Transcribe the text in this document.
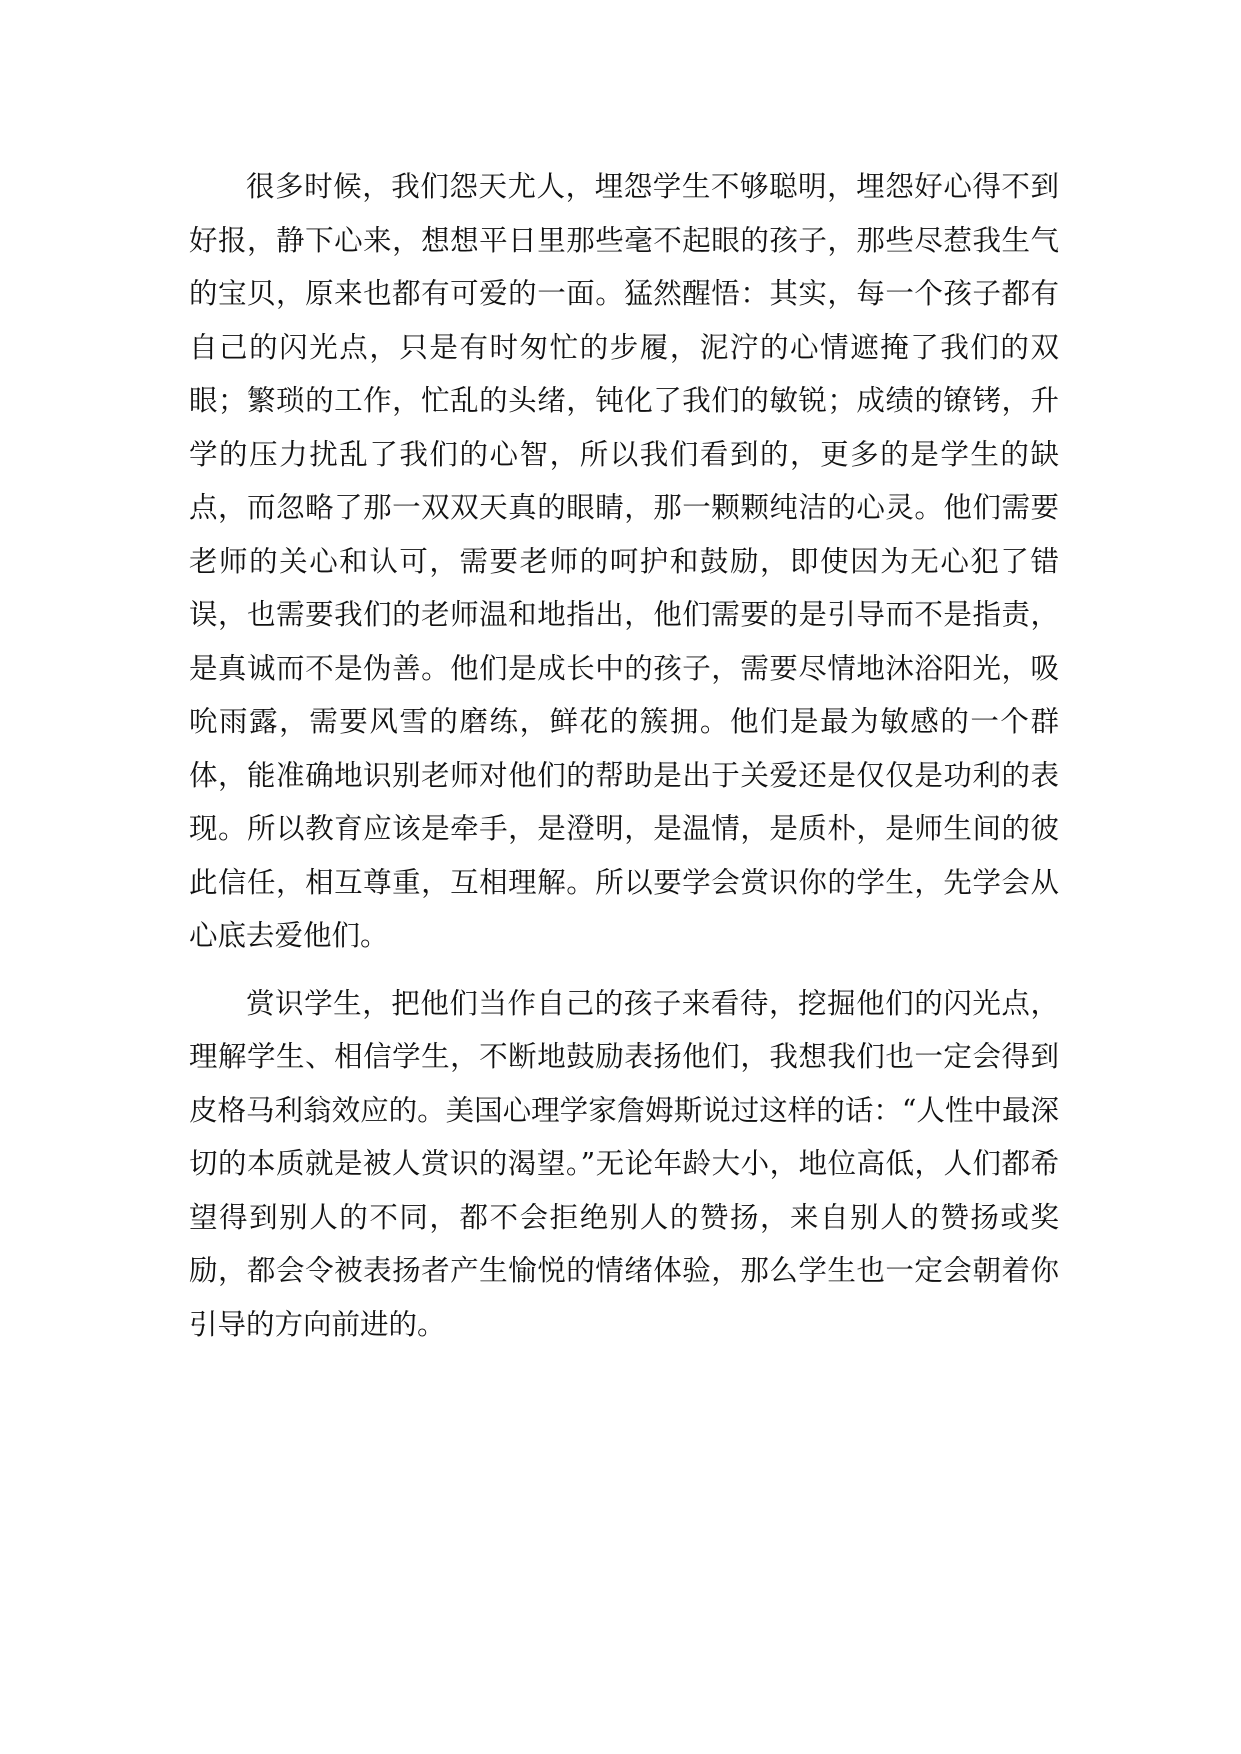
很多时候，我们怨天尤人，埋怨学生不够聪明，埋怨好心得不到好报，静下心来，想想平日里那些毫不起眼的孩子，那些尽惹我生气的宝贝，原来也都有可爱的一面。猛然醒悟：其实，每一个孩子都有自己的闪光点，只是有时匆忙的步履，泥泞的心情遮掩了我们的双眼；繁琐的工作，忙乱的头绪，钝化了我们的敏锐；成绩的镣铐，升学的压力扰乱了我们的心智，所以我们看到的，更多的是学生的缺点，而忽略了那一双双天真的眼睛，那一颗颗纯洁的心灵。他们需要老师的关心和认可，需要老师的呵护和鼓励，即使因为无心犯了错误，也需要我们的老师温和地指出，他们需要的是引导而不是指责，是真诚而不是伪善。他们是成长中的孩子，需要尽情地沐浴阳光，吸吮雨露，需要风雪的磨练，鲜花的簇拥。他们是最为敏感的一个群体，能准确地识别老师对他们的帮助是出于关爱还是仅仅是功利的表现。所以教育应该是牵手，是澄明，是温情，是质朴，是师生间的彼此信任，相互尊重，互相理解。所以要学会赏识你的学生，先学会从心底去爱他们。

赏识学生，把他们当作自己的孩子来看待，挖掘他们的闪光点，理解学生、相信学生，不断地鼓励表扬他们，我想我们也一定会得到皮格马利翁效应的。美国心理学家詹姆斯说过这样的话：“人性中最深切的本质就是被人赏识的渴望。”无论年龄大小，地位高低，人们都希望得到别人的不同，都不会拒绝别人的赞扬，来自别人的赞扬或奖励，都会令被表扬者产生愉悦的情绪体验，那么学生也一定会朝着你引导的方向前进的。
